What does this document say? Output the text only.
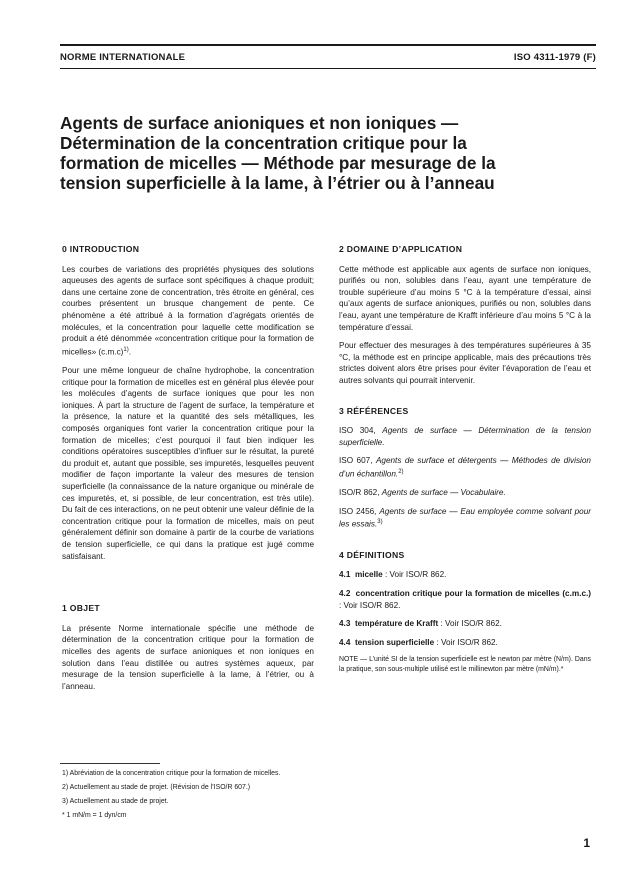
NORME INTERNATIONALE	ISO 4311-1979 (F)
Agents de surface anioniques et non ioniques —
Détermination de la concentration critique pour la
formation de micelles — Méthode par mesurage de la
tension superficielle à la lame, à l’étrier ou à l’anneau
0 INTRODUCTION

Les courbes de variations des propriétés physiques des solutions aqueuses des agents de surface sont spécifiques à chaque produit; dans une certaine zone de concentration, très étroite en général, ces courbes présentent un brusque changement de pente. Ce phénomène a été attribué à la formation d’agrégats orientés de molécules, et la concentration pour laquelle cette modification se produit a été dénommée «concentration critique pour la formation de micelles» $(c.m.c)^{1)}$.

Pour une même longueur de chaîne hydrophobe, la concentration critique pour la formation de micelles est en général plus élevée pour les molécules d’agents de surface ioniques que pour les non ioniques. À part la structure de l’agent de surface, la température et la présence, la nature et la quantité des sels métalliques, les composés organiques font varier la concentration critique pour la formation de micelles; c’est pourquoi il faut bien indiquer les conditions opératoires susceptibles d’influer sur le résultat, la pureté du produit et, autant que possible, ses impuretés, lesquelles peuvent modifier de façon importante la valeur des mesures de tension superficielle (la connaissance de la nature organique ou minérale de ces impuretés, et, si possible, de leur concentration, est très utile). Du fait de ces interactions, on ne peut obtenir une valeur définie de la concentration critique pour la formation de micelles, mais on peut généralement définir son domaine à partir de la courbe de variations de tension superficielle, ce qui dans la pratique est jugé comme satisfaisant.

1 OBJET

La présente Norme internationale spécifie une méthode de détermination de la concentration critique pour la formation de micelles des agents de surface anioniques et non ioniques en solution dans l’eau distillée ou autres systèmes aqueux, par mesurage de la tension superficielle à la lame, à l’étrier, ou à l’anneau.

2 DOMAINE D’APPLICATION

Cette méthode est applicable aux agents de surface non ioniques, purifiés ou non, solubles dans l’eau, ayant une température de trouble supérieure d’au moins 5 °C à la température d’essai, ainsi qu’aux agents de surface anioniques, purifiés ou non, solubles dans l’eau, ayant une température de Krafft inférieure d’au moins 5 °C à la température d’essai.

Pour effectuer des mesurages à des températures supérieures à 35 °C, la méthode est en principe applicable, mais des précautions très strictes doivent alors être prises pour éviter l’évaporation de l’eau et autres solvants qui pourrait intervenir.

3 RÉFÉRENCES

ISO 304, Agents de surface — Détermination de la tension superficielle.

ISO 607, Agents de surface et détergents — Méthodes de division d’un échantillon.$^{2)}$

ISO/R 862, Agents de surface — Vocabulaire.

ISO 2456, Agents de surface — Eau employée comme solvant pour les essais.$^{3)}$

4 DÉFINITIONS

4.1 micelle : Voir ISO/R 862.

4.2 concentration critique pour la formation de micelles (c.m.c.) : Voir ISO/R 862.

4.3 température de Krafft : Voir ISO/R 862.

4.4 tension superficielle : Voir ISO/R 862.

NOTE — L’unité SI de la tension superficielle est le newton par mètre (N/m). Dans la pratique, son sous-multiple utilisé est le millinewton par mètre (mN/m).*

1) Abréviation de la concentration critique pour la formation de micelles.
2) Actuellement au stade de projet. (Révision de l’ISO/R 607.)
3) Actuellement au stade de projet.
* 1 mN/m = 1 dyn/cm
1
